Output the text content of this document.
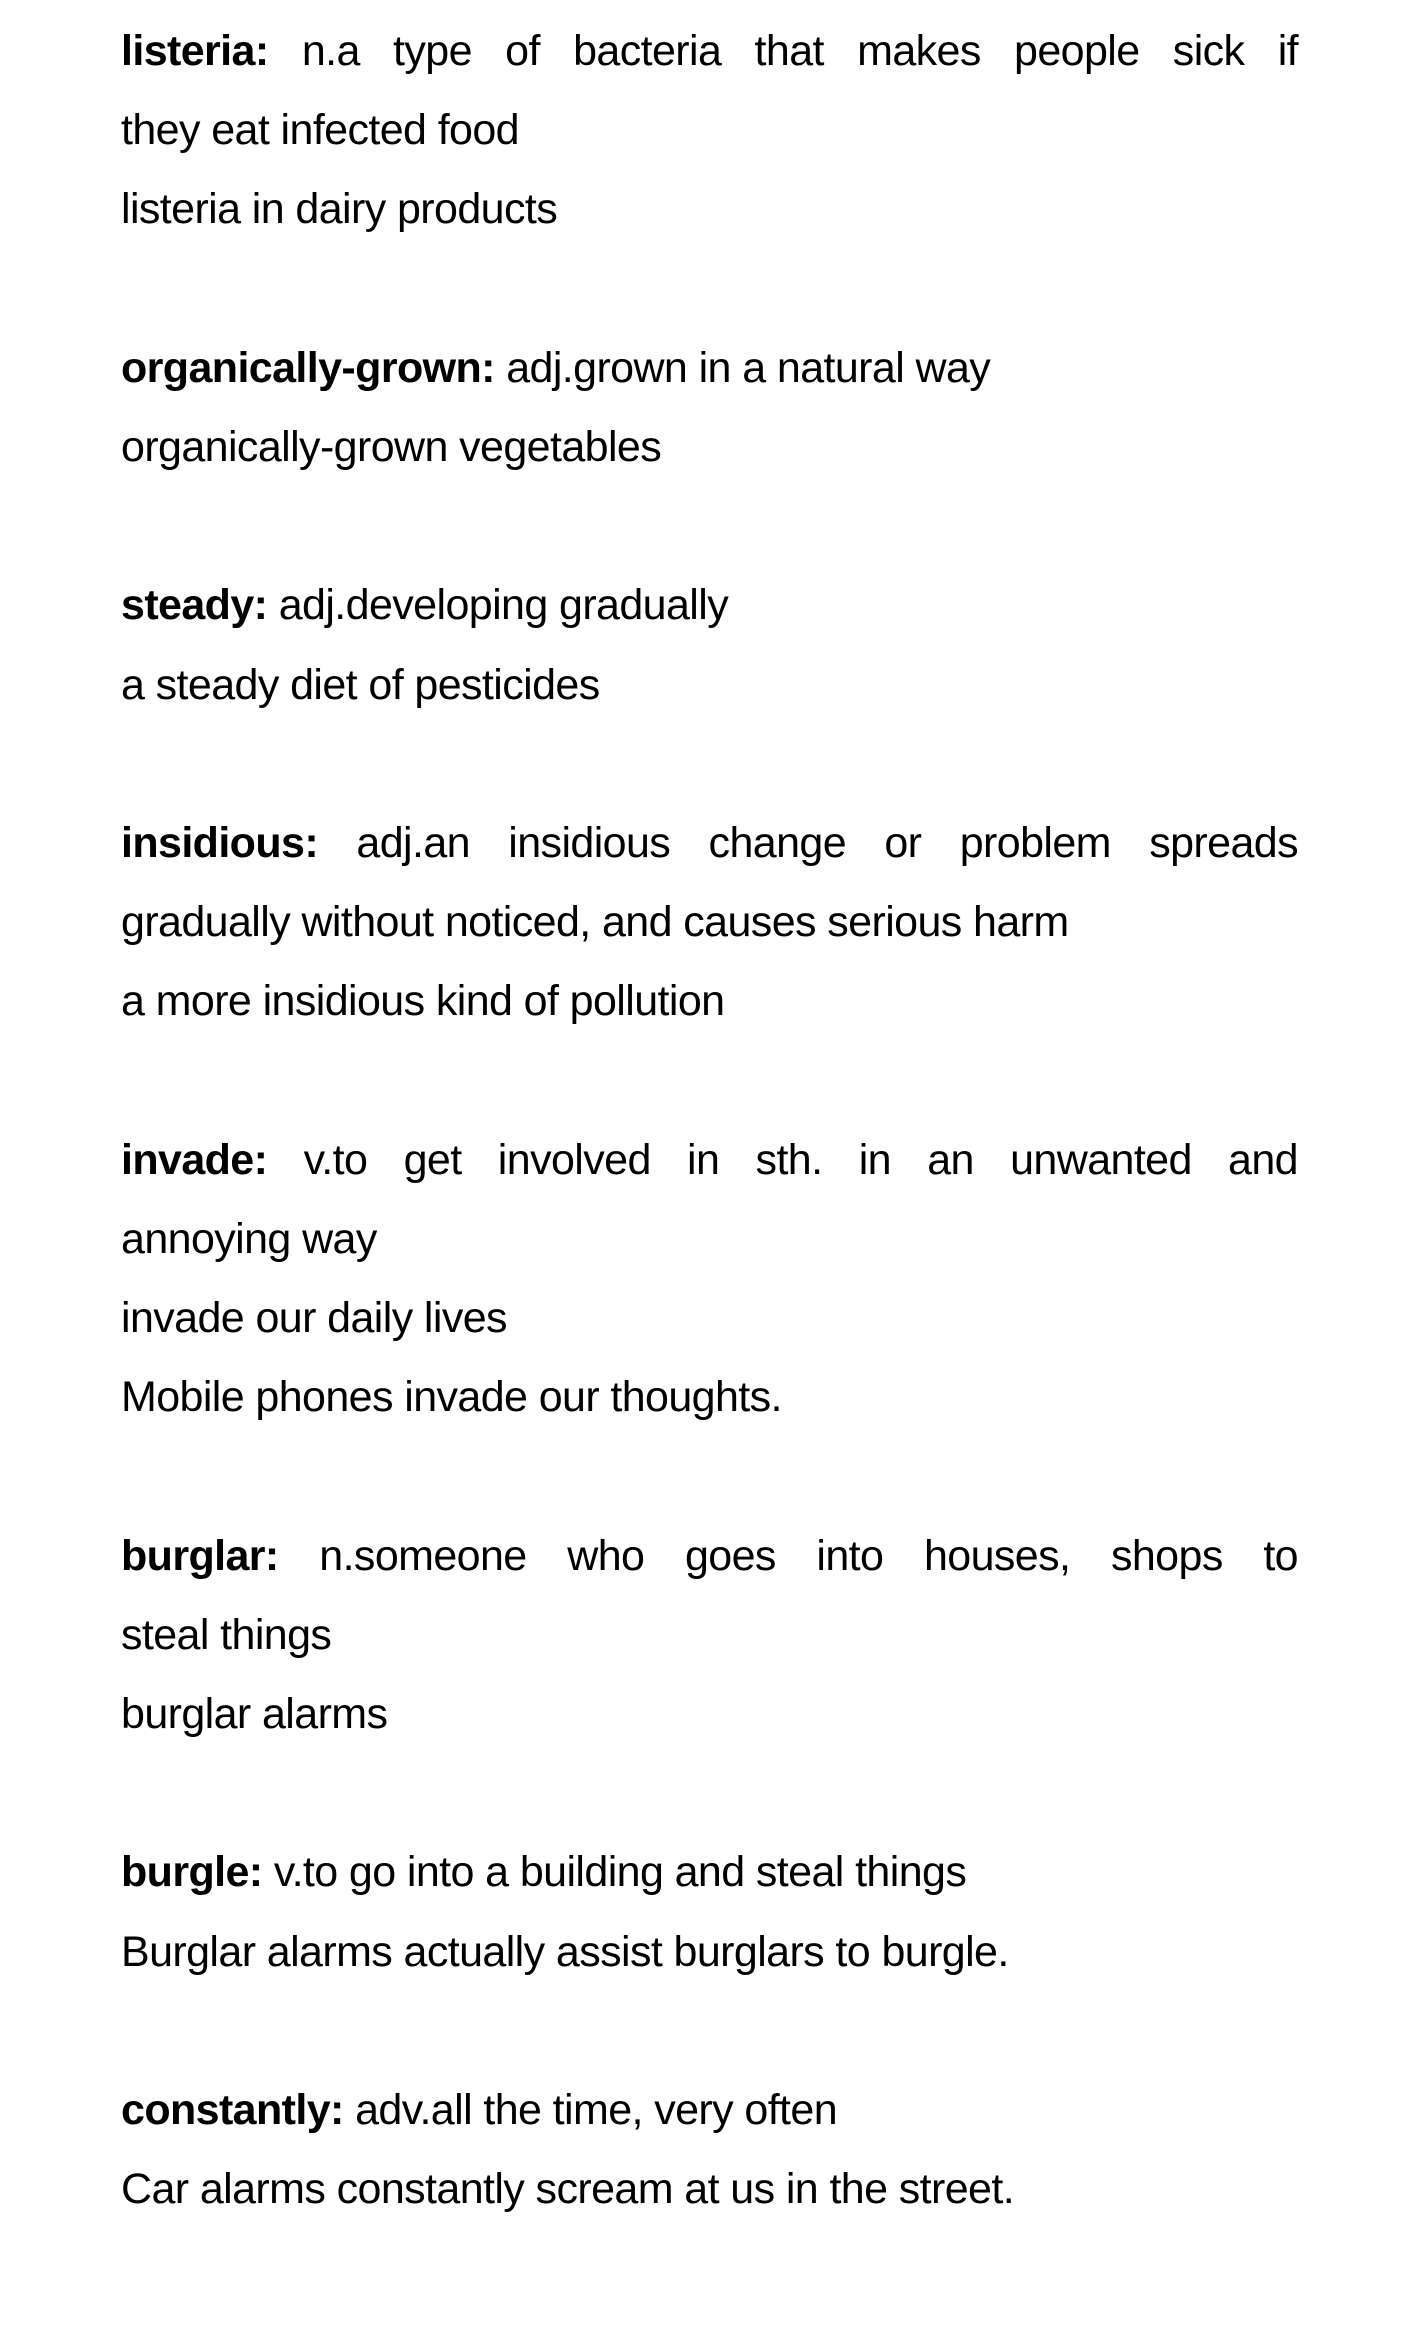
listeria: n.a type of bacteria that makes people sick if
they eat infected food
listeria in dairy products
organically-grown: adj.grown in a natural way
organically-grown vegetables
steady: adj.developing gradually
a steady diet of pesticides
insidious: adj.an insidious change or problem spreads
gradually without noticed, and causes serious harm
a more insidious kind of pollution
invade: v.to get involved in sth. in an unwanted and
annoying way
invade our daily lives
Mobile phones invade our thoughts.
burglar: n.someone who goes into houses, shops to
steal things
burglar alarms
burgle: v.to go into a building and steal things
Burglar alarms actually assist burglars to burgle.
constantly: adv.all the time, very often
Car alarms constantly scream at us in the street.
